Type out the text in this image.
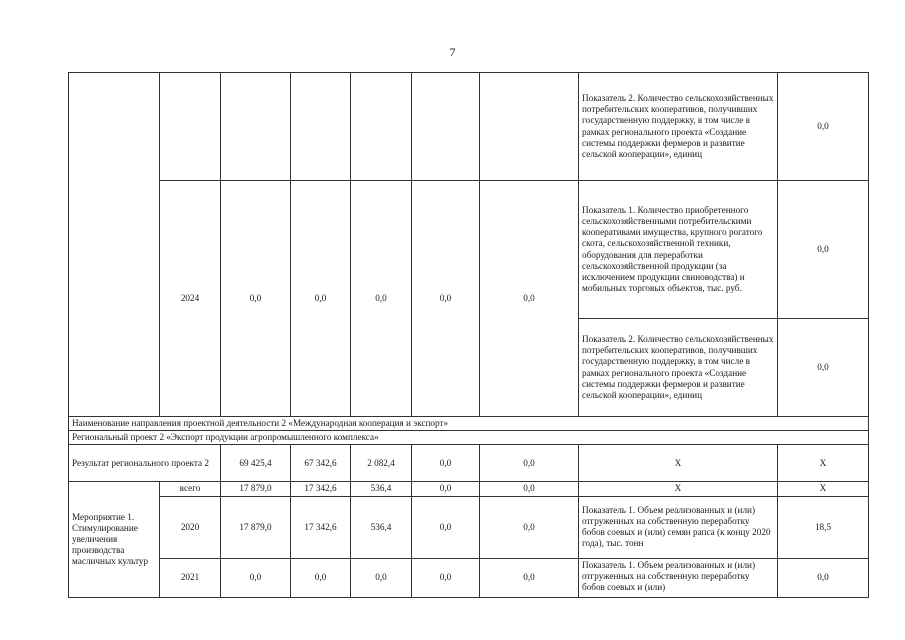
7
							Показатель 2. Количество сельскохозяйственных потребительских кооперативов, получивших государственную поддержку, в том числе в рамках регионального проекта «Создание системы поддержки фермеров и развитие сельской кооперации», единиц	0,0
	2024	0,0	0,0	0,0	0,0	0,0	Показатель 1. Количество приобретенного сельскохозяйственными потребительскими кооперативами имущества, крупного рогатого скота, сельскохозяйственной техники, оборудования для переработки сельскохозяйственной продукции (за исключением продукции свиноводства) и мобильных торговых объектов, тыс. руб.	0,0
							Показатель 2. Количество сельскохозяйственных потребительских кооперативов, получивших государственную поддержку, в том числе в рамках регионального проекта «Создание системы поддержки фермеров и развитие сельской кооперации», единиц	0,0
Наименование направления проектной деятельности 2 «Международная кооперация и экспорт»								
Региональный проект 2 «Экспорт продукции агропромышленного комплекса»								
Результат регионального проекта 2		69 425,4	67 342,6	2 082,4	0,0	0,0	X	X
Мероприятие 1. Стимулирование увеличения производства масличных культур	всего	17 879,0	17 342,6	536,4	0,0	0,0	X	X
	2020	17 879,0	17 342,6	536,4	0,0	0,0	Показатель 1. Объем реализованных и (или) отгруженных на собственную переработку бобов соевых и (или) семян рапса (к концу 2020 года), тыс. тонн	18,5
	2021	0,0	0,0	0,0	0,0	0,0	Показатель 1. Объем реализованных и (или) отгруженных на собственную переработку бобов соевых и (или)	0,0
